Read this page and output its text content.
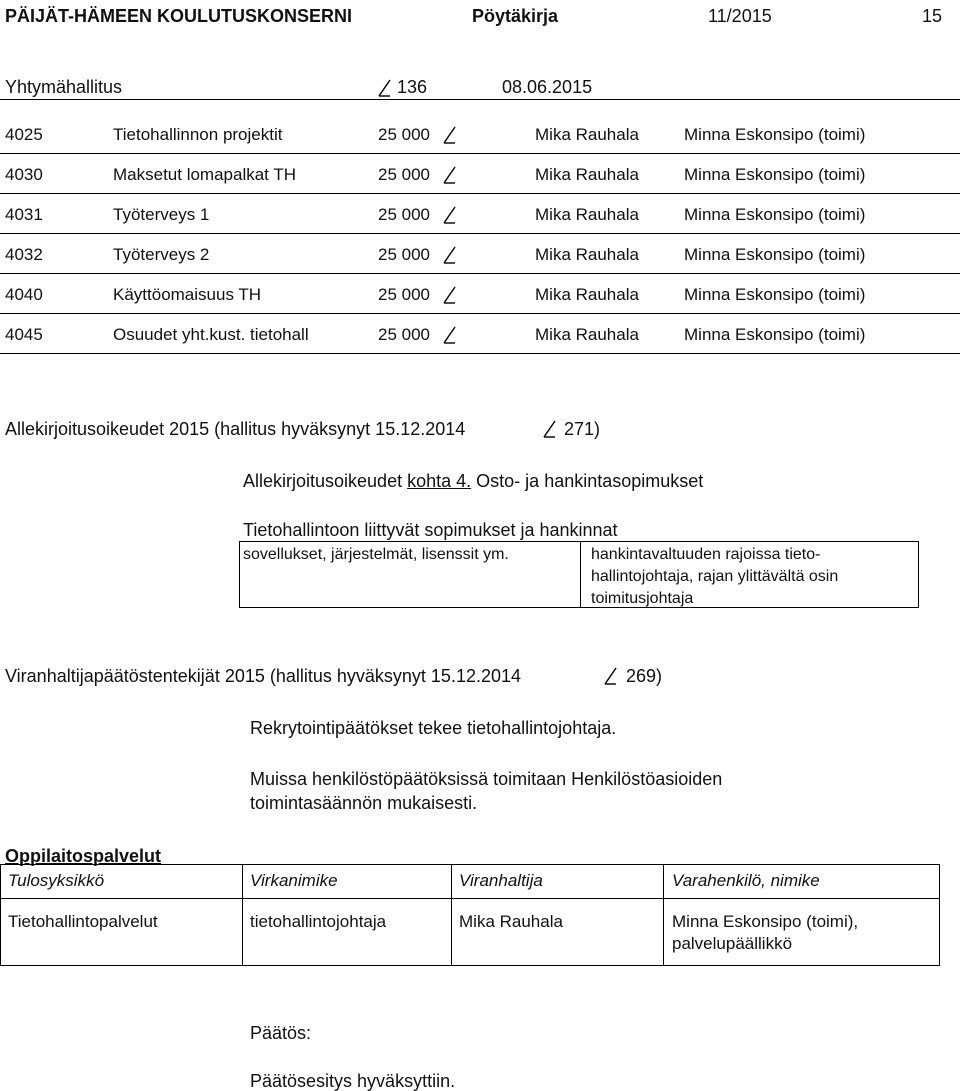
PÄIJÄT-HÄMEEN KOULUTUSKONSERNI	Pöytäkirja	11/2015	15
Yhtymähallitus	136	08.06.2015
4025	Tietohallinnon projektit	25 000	Mika Rauhala	Minna Eskonsipo (toimi)
4030	Maksetut lomapalkat TH	25 000	Mika Rauhala	Minna Eskonsipo (toimi)
4031	Työterveys 1	25 000	Mika Rauhala	Minna Eskonsipo (toimi)
4032	Työterveys 2	25 000	Mika Rauhala	Minna Eskonsipo (toimi)
4040	Käyttöomaisuus TH	25 000	Mika Rauhala	Minna Eskonsipo (toimi)
4045	Osuudet yht.kust. tietohall	25 000	Mika Rauhala	Minna Eskonsipo (toimi)
Allekirjoitusoikeudet 2015 (hallitus hyväksynyt 15.12.2014	271)
Allekirjoitusoikeudet kohta 4. Osto- ja hankintasopimukset
Tietohallintoon liittyvät sopimukset ja hankinnat
sovellukset, järjestelmät, lisenssit ym.	hankintavaltuuden rajoissa tieto-
hallintojohtaja, rajan ylittävältä osin
toimitusjohtaja
Viranhaltijapäätöstentekijät 2015 (hallitus hyväksynyt 15.12.2014	269)
Rekrytointipäätökset tekee tietohallintojohtaja.
Muissa henkilöstöpäätöksissä toimitaan Henkilöstöasioiden
toimintasäännön mukaisesti.
Oppilaitospalvelut
Tulosyksikkö	Virkanimike	Viranhaltija	Varahenkilö, nimike
Tietohallintopalvelut	tietohallintojohtaja	Mika Rauhala	Minna Eskonsipo (toimi),
palvelupäällikkö
Päätös:
Päätösesitys hyväksyttiin.
